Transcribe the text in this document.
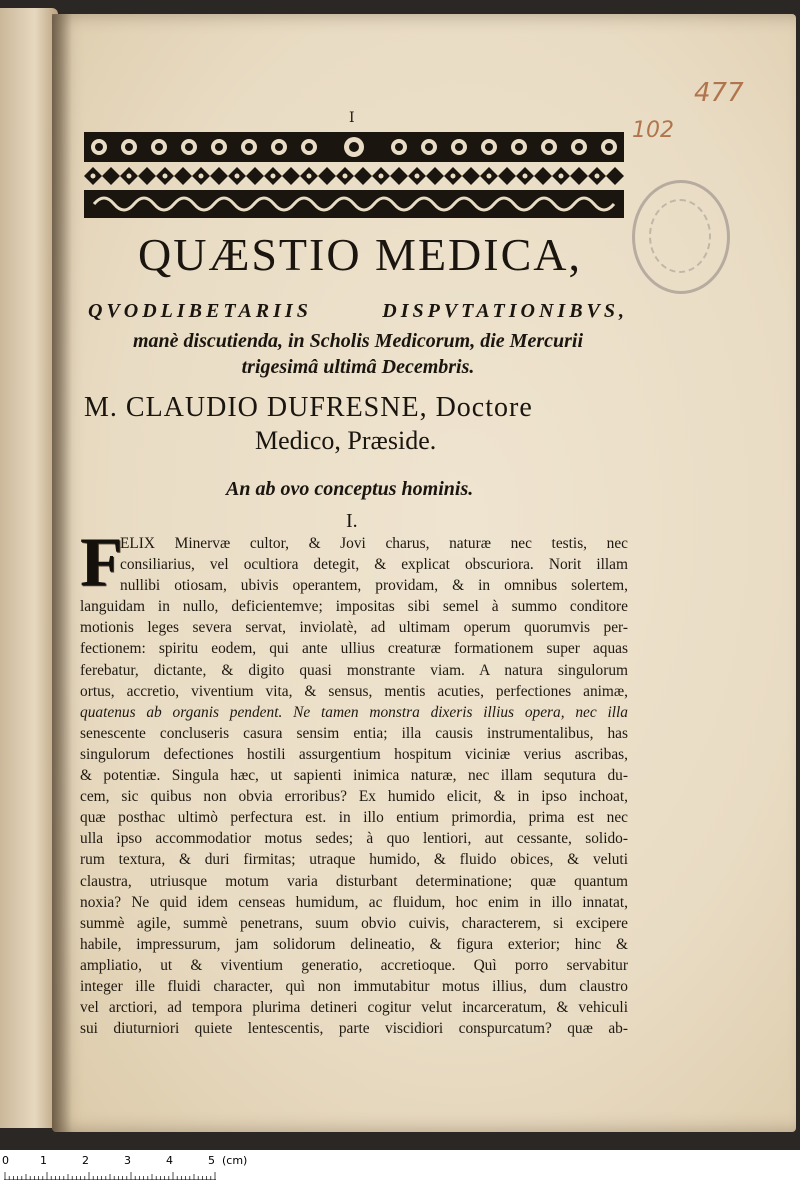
I
477
102
QUÆSTIO MEDICA,
QVODLIBETARIIS DISPVTATIONIBVS,
manè discutienda, in Scholis Medicorum, die Mercurii
trigesimâ ultimâ Decembris.
M. CLAUDIO DUFRESNE, Doctore
Medico, Præside.
An ab ovo conceptus hominis.
I.
F
ELIX Minervæ cultor, & Jovi charus, naturæ nec testis, nec
consiliarius, vel ocultiora detegit, & explicat obscuriora. Norit illam
nullibi otiosam, ubivis operantem, providam, & in omnibus solertem,
languidam in nullo, deficientemve; impositas sibi semel à summo conditore
motionis leges severa servat, inviolatè, ad ultimam operum quorumvis per-
fectionem: spiritu eodem, qui ante ullius creaturæ formationem super aquas
ferebatur, dictante, & digito quasi monstrante viam. A natura singulorum
ortus, accretio, viventium vita, & sensus, mentis acuties, perfectiones animæ,
quatenus ab organis pendent. Ne tamen monstra dixeris illius opera, nec illa
senescente concluseris casura sensim entia; illa causis instrumentalibus, has
singulorum defectiones hostili assurgentium hospitum viciniæ verius ascribas,
& potentiæ. Singula hæc, ut sapienti inimica naturæ, nec illam sequtura du-
cem, sic quibus non obvia erroribus? Ex humido elicit, & in ipso inchoat,
quæ posthac ultimò perfectura est. in illo entium primordia, prima est nec
ulla ipso accommodatior motus sedes; à quo lentiori, aut cessante, solido-
rum textura, & duri firmitas; utraque humido, & fluido obices, & veluti
claustra, utriusque motum varia disturbant determinatione; quæ quantum
noxia? Ne quid idem censeas humidum, ac fluidum, hoc enim in illo innatat,
summè agile, summè penetrans, suum obvio cuivis, characterem, si excipere
habile, impressurum, jam solidorum delineatio, & figura exterior; hinc &
ampliatio, ut & viventium generatio, accretioque. Quì porro servabitur
integer ille fluidi character, quì non immutabitur motus illius, dum claustro
vel arctiori, ad tempora plurima detineri cogitur velut incarceratum, & vehiculi
sui diuturniori quiete lentescentis, parte viscidiori conspurcatum? quæ ab-
0	1	2	3	4	5 (cm)
